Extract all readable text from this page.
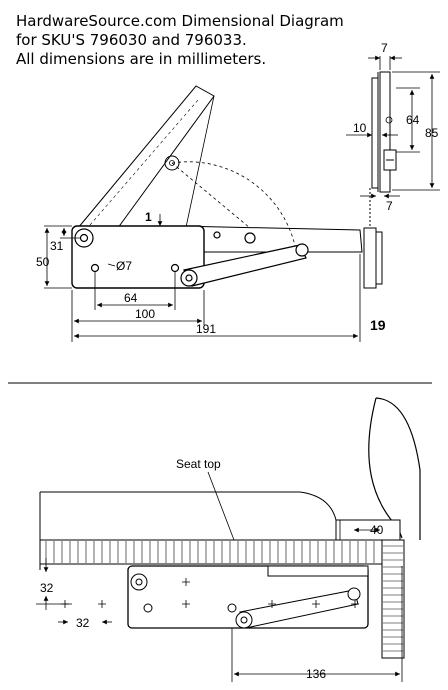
HardwareSource.com Dimensional Diagram
for SKU'S 796030 and 796033.
All dimensions are in millimeters.
1
31
50	Ø7
64
100
191
7
64
85
10
7
19
Seat top
40
32
32
136
